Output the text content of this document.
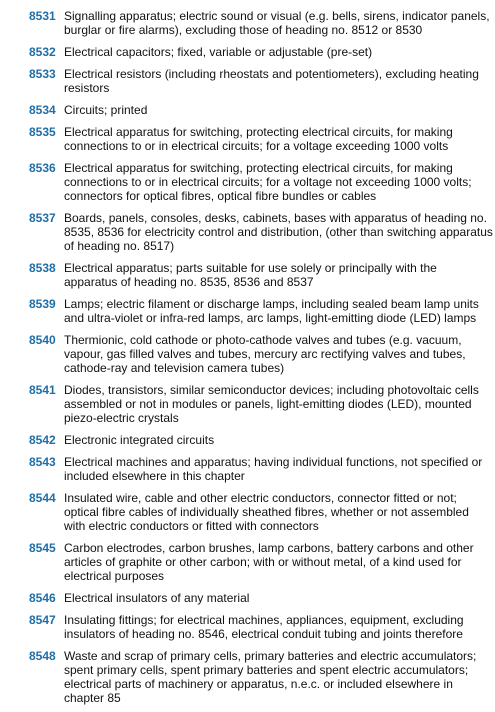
8531 Signalling apparatus; electric sound or visual (e.g. bells, sirens, indicator panels, burglar or fire alarms), excluding those of heading no. 8512 or 8530
8532 Electrical capacitors; fixed, variable or adjustable (pre-set)
8533 Electrical resistors (including rheostats and potentiometers), excluding heating resistors
8534 Circuits; printed
8535 Electrical apparatus for switching, protecting electrical circuits, for making connections to or in electrical circuits; for a voltage exceeding 1000 volts
8536 Electrical apparatus for switching, protecting electrical circuits, for making connections to or in electrical circuits; for a voltage not exceeding 1000 volts; connectors for optical fibres, optical fibre bundles or cables
8537 Boards, panels, consoles, desks, cabinets, bases with apparatus of heading no. 8535, 8536 for electricity control and distribution, (other than switching apparatus of heading no. 8517)
8538 Electrical apparatus; parts suitable for use solely or principally with the apparatus of heading no. 8535, 8536 and 8537
8539 Lamps; electric filament or discharge lamps, including sealed beam lamp units and ultra-violet or infra-red lamps, arc lamps, light-emitting diode (LED) lamps
8540 Thermionic, cold cathode or photo-cathode valves and tubes (e.g. vacuum, vapour, gas filled valves and tubes, mercury arc rectifying valves and tubes, cathode-ray and television camera tubes)
8541 Diodes, transistors, similar semiconductor devices; including photovoltaic cells assembled or not in modules or panels, light-emitting diodes (LED), mounted piezo-electric crystals
8542 Electronic integrated circuits
8543 Electrical machines and apparatus; having individual functions, not specified or included elsewhere in this chapter
8544 Insulated wire, cable and other electric conductors, connector fitted or not; optical fibre cables of individually sheathed fibres, whether or not assembled with electric conductors or fitted with connectors
8545 Carbon electrodes, carbon brushes, lamp carbons, battery carbons and other articles of graphite or other carbon; with or without metal, of a kind used for electrical purposes
8546 Electrical insulators of any material
8547 Insulating fittings; for electrical machines, appliances, equipment, excluding insulators of heading no. 8546, electrical conduit tubing and joints therefore
8548 Waste and scrap of primary cells, primary batteries and electric accumulators; spent primary cells, spent primary batteries and spent electric accumulators; electrical parts of machinery or apparatus, n.e.c. or included elsewhere in chapter 85
